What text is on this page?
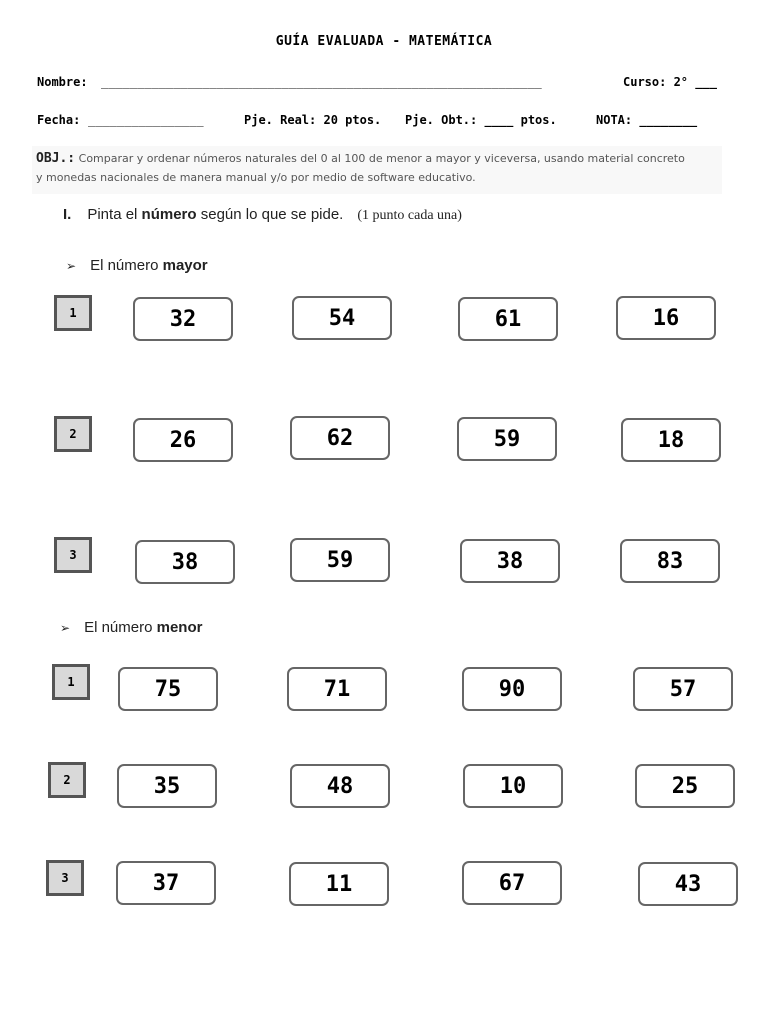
GUÍA EVALUADA - MATEMÁTICA
Nombre: _____________________________________________________________	Curso: 2° ___
Fecha: ________________	Pje. Real: 20 ptos. Pje. Obt.: ____ ptos.	NOTA: ________
OBJ.: Comparar y ordenar números naturales del 0 al 100 de menor a mayor y viceversa, usando material concreto
y monedas nacionales de manera manual y/o por medio de software educativo.
I. Pinta el número según lo que se pide. (1 punto cada una)
➢ El número mayor
1	32	54	61	16
2	26	62	59	18
3	38	59	38	83
➢ El número menor
1	75	71	90	57
2	35	48	10	25
3	37	11	67	43
